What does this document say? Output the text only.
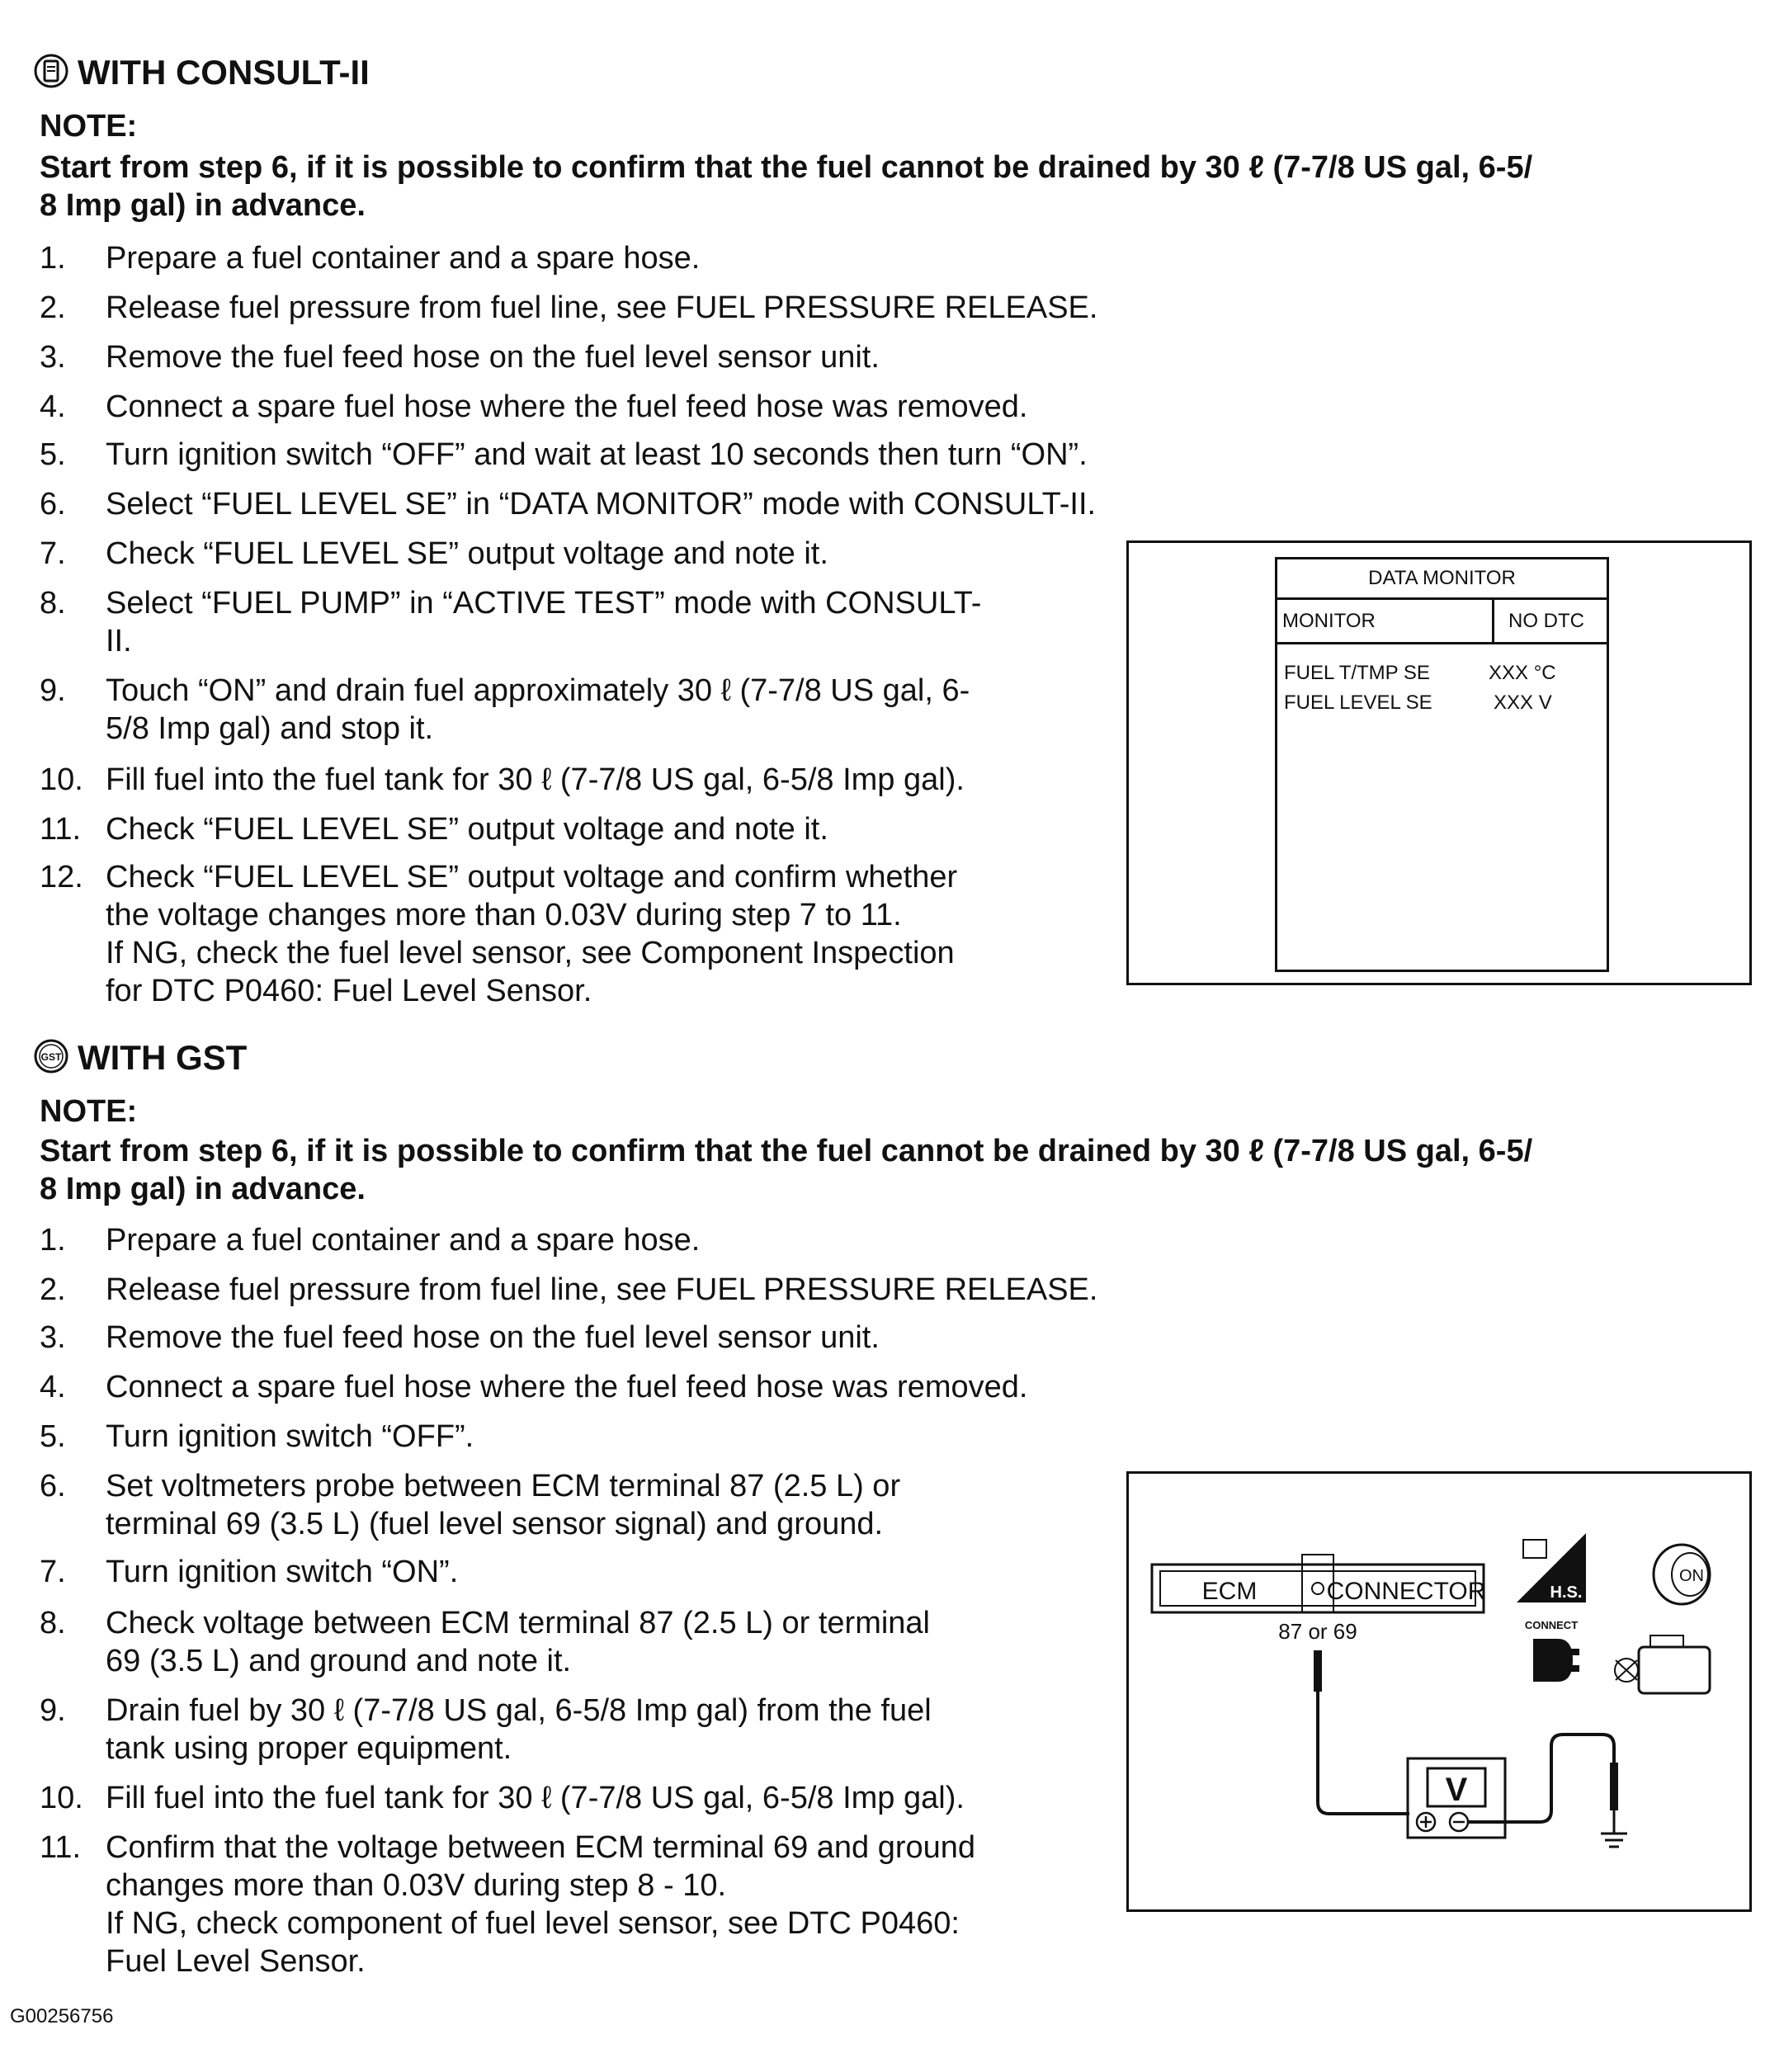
WITH CONSULT-II
NOTE:
Start from step 6, if it is possible to confirm that the fuel cannot be drained by 30 ℓ (7-7/8 US gal, 6-5/
8 Imp gal) in advance.
1. Prepare a fuel container and a spare hose.
2. Release fuel pressure from fuel line, see FUEL PRESSURE RELEASE.
3. Remove the fuel feed hose on the fuel level sensor unit.
4. Connect a spare fuel hose where the fuel feed hose was removed.
5. Turn ignition switch “OFF” and wait at least 10 seconds then turn “ON”.
6. Select “FUEL LEVEL SE” in “DATA MONITOR” mode with CONSULT-II.
7. Check “FUEL LEVEL SE” output voltage and note it.
8. Select “FUEL PUMP” in “ACTIVE TEST” mode with CONSULT-
II.
9. Touch “ON” and drain fuel approximately 30 ℓ (7-7/8 US gal, 6-
5/8 Imp gal) and stop it.
10. Fill fuel into the fuel tank for 30 ℓ (7-7/8 US gal, 6-5/8 Imp gal).
11. Check “FUEL LEVEL SE” output voltage and note it.
12. Check “FUEL LEVEL SE” output voltage and confirm whether
the voltage changes more than 0.03V during step 7 to 11.
If NG, check the fuel level sensor, see Component Inspection
for DTC P0460: Fuel Level Sensor.
DATA MONITOR
MONITOR	NO DTC
FUEL T/TMP SE	XXX °C
FUEL LEVEL SE	XXX V
GST WITH GST
NOTE:
Start from step 6, if it is possible to confirm that the fuel cannot be drained by 30 ℓ (7-7/8 US gal, 6-5/
8 Imp gal) in advance.
1. Prepare a fuel container and a spare hose.
2. Release fuel pressure from fuel line, see FUEL PRESSURE RELEASE.
3. Remove the fuel feed hose on the fuel level sensor unit.
4. Connect a spare fuel hose where the fuel feed hose was removed.
5. Turn ignition switch “OFF”.
6. Set voltmeters probe between ECM terminal 87 (2.5 L) or
terminal 69 (3.5 L) (fuel level sensor signal) and ground.
7. Turn ignition switch “ON”.
8. Check voltage between ECM terminal 87 (2.5 L) or terminal
69 (3.5 L) and ground and note it.
9. Drain fuel by 30 ℓ (7-7/8 US gal, 6-5/8 Imp gal) from the fuel
tank using proper equipment.
10. Fill fuel into the fuel tank for 30 ℓ (7-7/8 US gal, 6-5/8 Imp gal).
11. Confirm that the voltage between ECM terminal 69 and ground
changes more than 0.03V during step 8 - 10.
If NG, check component of fuel level sensor, see DTC P0460:
Fuel Level Sensor.
ECM	CONNECTOR
87 or 69
V
H.S.
ON
CONNECT
G00256756
